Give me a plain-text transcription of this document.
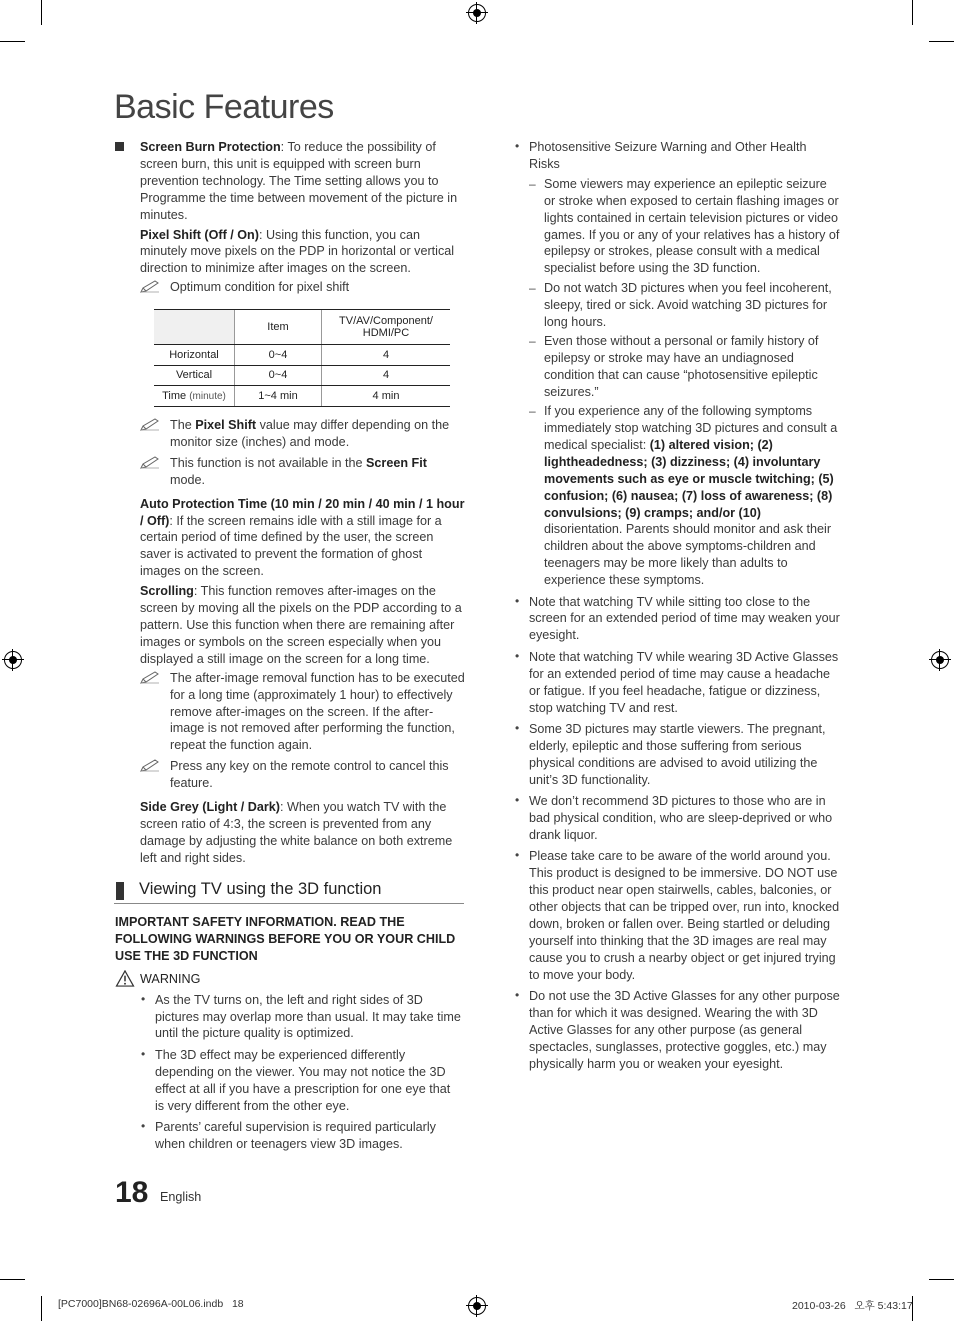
Basic Features

Screen Burn Protection: To reduce the possibility of screen burn, this unit is equipped with screen burn prevention technology. The Time setting allows you to Programme the time between movement of the picture in minutes.

Pixel Shift (Off / On): Using this function, you can minutely move pixels on the PDP in horizontal or vertical direction to minimize after images on the screen.

Optimum condition for pixel shift
	Item	TV/AV/Component/
HDMI/PC
Horizontal	0~4	4
Vertical	0~4	4
Time (minute)	1~4 min	4 min
The Pixel Shift value may differ depending on the monitor size (inches) and mode.
This function is not available in the Screen Fit mode.

Auto Protection Time (10 min / 20 min / 40 min / 1 hour / Off): If the screen remains idle with a still image for a certain period of time defined by the user, the screen saver is activated to prevent the formation of ghost images on the screen.

Scrolling: This function removes after-images on the screen by moving all the pixels on the PDP according to a pattern. Use this function when there are remaining after images or symbols on the screen especially when you displayed a still image on the screen for a long time.

The after-image removal function has to be executed for a long time (approximately 1 hour) to effectively remove after-images on the screen. If the after-image is not removed after performing the function, repeat the function again.
Press any key on the remote control to cancel this feature.

Side Grey (Light / Dark): When you watch TV with the screen ratio of 4:3, the screen is prevented from any damage by adjusting the white balance on both extreme left and right sides.

Viewing TV using the 3D function

IMPORTANT SAFETY INFORMATION. READ THE FOLLOWING WARNINGS BEFORE YOU OR YOUR CHILD USE THE 3D FUNCTION

WARNING
• As the TV turns on, the left and right sides of 3D pictures may overlap more than usual. It may take time until the picture quality is optimized.
• The 3D effect may be experienced differently depending on the viewer. You may not notice the 3D effect at all if you have a prescription for one eye that is very different from the other eye.
• Parents’ careful supervision is required particularly when children or teenagers view 3D images.
• Photosensitive Seizure Warning and Other Health Risks
– Some viewers may experience an epileptic seizure or stroke when exposed to certain flashing images or lights contained in certain television pictures or video games. If you or any of your relatives has a history of epilepsy or strokes, please consult with a medical specialist before using the 3D function.
– Do not watch 3D pictures when you feel incoherent, sleepy, tired or sick. Avoid watching 3D pictures for long hours.
– Even those without a personal or family history of epilepsy or stroke may have an undiagnosed condition that can cause “photosensitive epileptic seizures.”
– If you experience any of the following symptoms immediately stop watching 3D pictures and consult a medical specialist: (1) altered vision; (2) lightheadedness; (3) dizziness; (4) involuntary movements such as eye or muscle twitching; (5) confusion; (6) nausea; (7) loss of awareness; (8) convulsions; (9) cramps; and/or (10) disorientation. Parents should monitor and ask their children about the above symptoms-children and teenagers may be more likely than adults to experience these symptoms.
• Note that watching TV while sitting too close to the screen for an extended period of time may weaken your eyesight.
• Note that watching TV while wearing 3D Active Glasses for an extended period of time may cause a headache or fatigue. If you feel headache, fatigue or dizziness, stop watching TV and rest.
• Some 3D pictures may startle viewers. The pregnant, elderly, epileptic and those suffering from serious physical conditions are advised to avoid utilizing the unit’s 3D functionality.
• We don’t recommend 3D pictures to those who are in bad physical condition, who are sleep-deprived or who drank liquor.
• Please take care to be aware of the world around you. This product is designed to be immersive. DO NOT use this product near open stairwells, cables, balconies, or other objects that can be tripped over, run into, knocked down, broken or fallen over. Being startled or deluding yourself into thinking that the 3D images are real may cause you to crush a nearby object or get injured trying to move your body.
• Do not use the 3D Active Glasses for any other purpose than for which it was designed. Wearing the with 3D Active Glasses for any other purpose (as general spectacles, sunglasses, protective goggles, etc.) may physically harm you or weaken your eyesight.
18 English
[PC7000]BN68-02696A-00L06.indb   18	2010-03-26   오후 5:43:17
